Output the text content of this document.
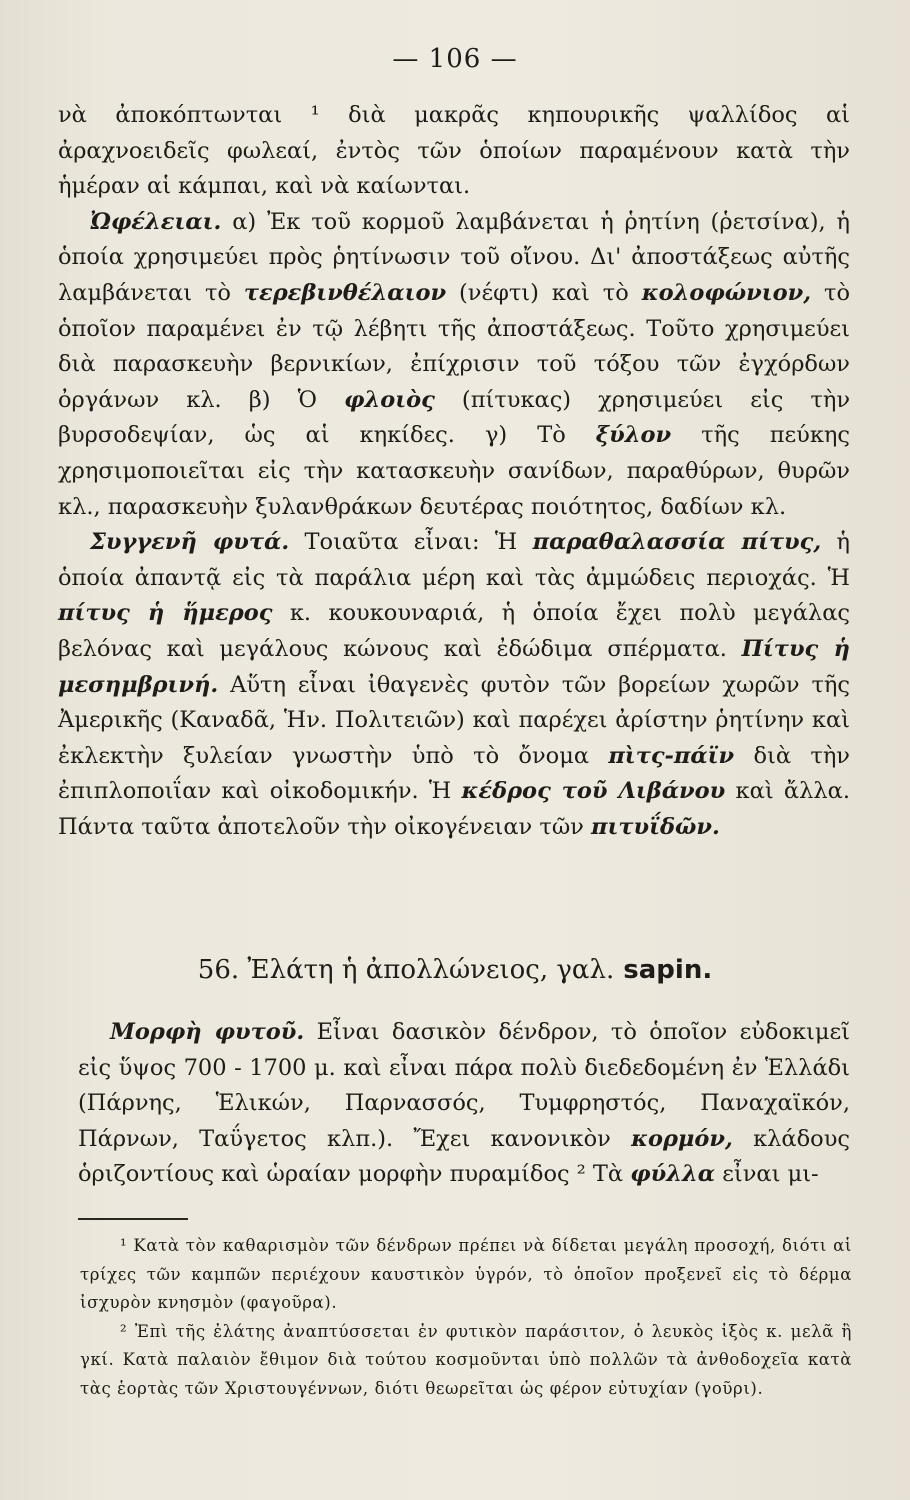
— 106 —

νὰ ἀποκόπτωνται ¹ διὰ μακρᾶς κηπουρικῆς ψαλλίδος αἱ ἀραχνοειδεῖς φωλεαί, ἐντὸς τῶν ὁποίων παραμένουν κατὰ τὴν ἡμέραν αἱ κάμπαι, καὶ νὰ καίωνται.

Ὠφέλειαι. α) Ἐκ τοῦ κορμοῦ λαμβάνεται ἡ ῥητίνη (ῥετσίνα), ἡ ὁποία χρησιμεύει πρὸς ῥητίνωσιν τοῦ οἴνου. Δι' ἀποστάξεως αὐτῆς λαμβάνεται τὸ τερεβινθέλαιον (νέφτι) καὶ τὸ κολοφώνιον, τὸ ὁποῖον παραμένει ἐν τῷ λέβητι τῆς ἀποστάξεως. Τοῦτο χρησιμεύει διὰ παρασκευὴν βερνικίων, ἐπίχρισιν τοῦ τόξου τῶν ἐγχόρδων ὀργάνων κλ. β) Ὁ φλοιὸς (πίτυκας) χρησιμεύει εἰς τὴν βυρσοδεψίαν, ὡς αἱ κηκίδες. γ) Τὸ ξύλον τῆς πεύκης χρησιμοποιεῖται εἰς τὴν κατασκευὴν σανίδων, παραθύρων, θυρῶν κλ., παρασκευὴν ξυλανθράκων δευτέρας ποιότητος, δαδίων κλ.

Συγγενῆ φυτά. Τοιαῦτα εἶναι: Ἡ παραθαλασσία πίτυς, ἡ ὁποία ἀπαντᾷ εἰς τὰ παράλια μέρη καὶ τὰς ἀμμώδεις περιοχάς. Ἡ πίτυς ἡ ἥμερος κ. κουκουναριά, ἡ ὁποία ἔχει πολὺ μεγάλας βελόνας καὶ μεγάλους κώνους καὶ ἐδώδιμα σπέρματα. Πίτυς ἡ μεσημβρινή. Αὕτη εἶναι ἰθαγενὲς φυτὸν τῶν βορείων χωρῶν τῆς Ἀμερικῆς (Καναδᾶ, Ἡν. Πολιτειῶν) καὶ παρέχει ἀρίστην ῥητίνην καὶ ἐκλεκτὴν ξυλείαν γνωστὴν ὑπὸ τὸ ὄνομα πὶτς-πάϊν διὰ τὴν ἐπιπλοποιΐαν καὶ οἰκοδομικήν. Ἡ κέδρος τοῦ Λιβάνου καὶ ἄλλα. Πάντα ταῦτα ἀποτελοῦν τὴν οἰκογένειαν τῶν πιτυΐδῶν.

56. Ἐλάτη ἡ ἀπολλώνειος, γαλ. sapin.

Μορφὴ φυτοῦ. Εἶναι δασικὸν δένδρον, τὸ ὁποῖον εὐδοκιμεῖ εἰς ὕψος 700 - 1700 μ. καὶ εἶναι πάρα πολὺ διεδεδομένη ἐν Ἑλλάδι (Πάρνης, Ἑλικών, Παρνασσός, Τυμφρηστός, Παναχαϊκόν, Πάρνων, Ταΰγετος κλπ.). Ἔχει κανονικὸν κορμόν, κλάδους ὁριζοντίους καὶ ὡραίαν μορφὴν πυραμίδος ² Τὰ φύλλα εἶναι μι-

¹ Κατὰ τὸν καθαρισμὸν τῶν δένδρων πρέπει νὰ δίδεται μεγάλη προσοχή, διότι αἱ τρίχες τῶν καμπῶν περιέχουν καυστικὸν ὑγρόν, τὸ ὁποῖον προξενεῖ εἰς τὸ δέρμα ἰσχυρὸν κνησμὸν (φαγοῦρα).

² Ἐπὶ τῆς ἐλάτης ἀναπτύσσεται ἐν φυτικὸν παράσιτον, ὁ λευκὸς ἰξὸς κ. μελᾶ ἢ γκί. Κατὰ παλαιὸν ἔθιμον διὰ τούτου κοσμοῦνται ὑπὸ πολλῶν τὰ ἀνθοδοχεῖα κατὰ τὰς ἑορτὰς τῶν Χριστουγέννων, διότι θεωρεῖται ὡς φέρον εὐτυχίαν (γοῦρι).
